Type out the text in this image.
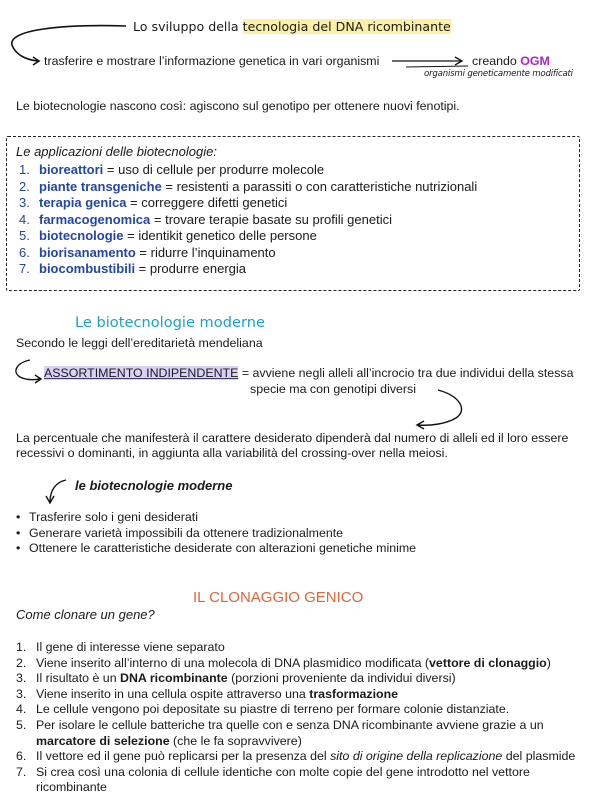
Lo sviluppo della tecnologia del DNA ricombinante
trasferire e mostrare l’informazione genetica in vari organismi	creando OGM
organismi geneticamente modificati
Le biotecnologie nascono così: agiscono sul genotipo per ottenere nuovi fenotipi.
Le applicazioni delle biotecnologie:
1. bioreattori = uso di cellule per produrre molecole
2. piante transgeniche = resistenti a parassiti o con caratteristiche nutrizionali
3. terapia genica = correggere difetti genetici
4. farmacogenomica = trovare terapie basate su profili genetici
5. biotecnologie = identikit genetico delle persone
6. biorisanamento = ridurre l’inquinamento
7. biocombustibili = produrre energia
Le biotecnologie moderne
Secondo le leggi dell’ereditarietà mendeliana
ASSORTIMENTO INDIPENDENTE = avviene negli alleli all’incrocio tra due individui della stessa
specie ma con genotipi diversi
La percentuale che manifesterà il carattere desiderato dipenderà dal numero di alleli ed il loro essere
recessivi o dominanti, in aggiunta alla variabilità del crossing-over nella meiosi.
le biotecnologie moderne
• Trasferire solo i geni desiderati
• Generare varietà impossibili da ottenere tradizionalmente
• Ottenere le caratteristiche desiderate con alterazioni genetiche minime
IL CLONAGGIO GENICO
Come clonare un gene?
1. Il gene di interesse viene separato
2. Viene inserito all’interno di una molecola di DNA plasmidico modificata (vettore di clonaggio)
3. Il risultato è un DNA ricombinante (porzioni proveniente da individui diversi)
3. Viene inserito in una cellula ospite attraverso una trasformazione
4. Le cellule vengono poi depositate su piastre di terreno per formare colonie distanziate.
5. Per isolare le cellule batteriche tra quelle con e senza DNA ricombinante avviene grazie a un
marcatore di selezione (che le fa sopravvivere)
6. Il vettore ed il gene può replicarsi per la presenza del sito di origine della replicazione del plasmide
7. Si crea così una colonia di cellule identiche con molte copie del gene introdotto nel vettore
ricombinante
